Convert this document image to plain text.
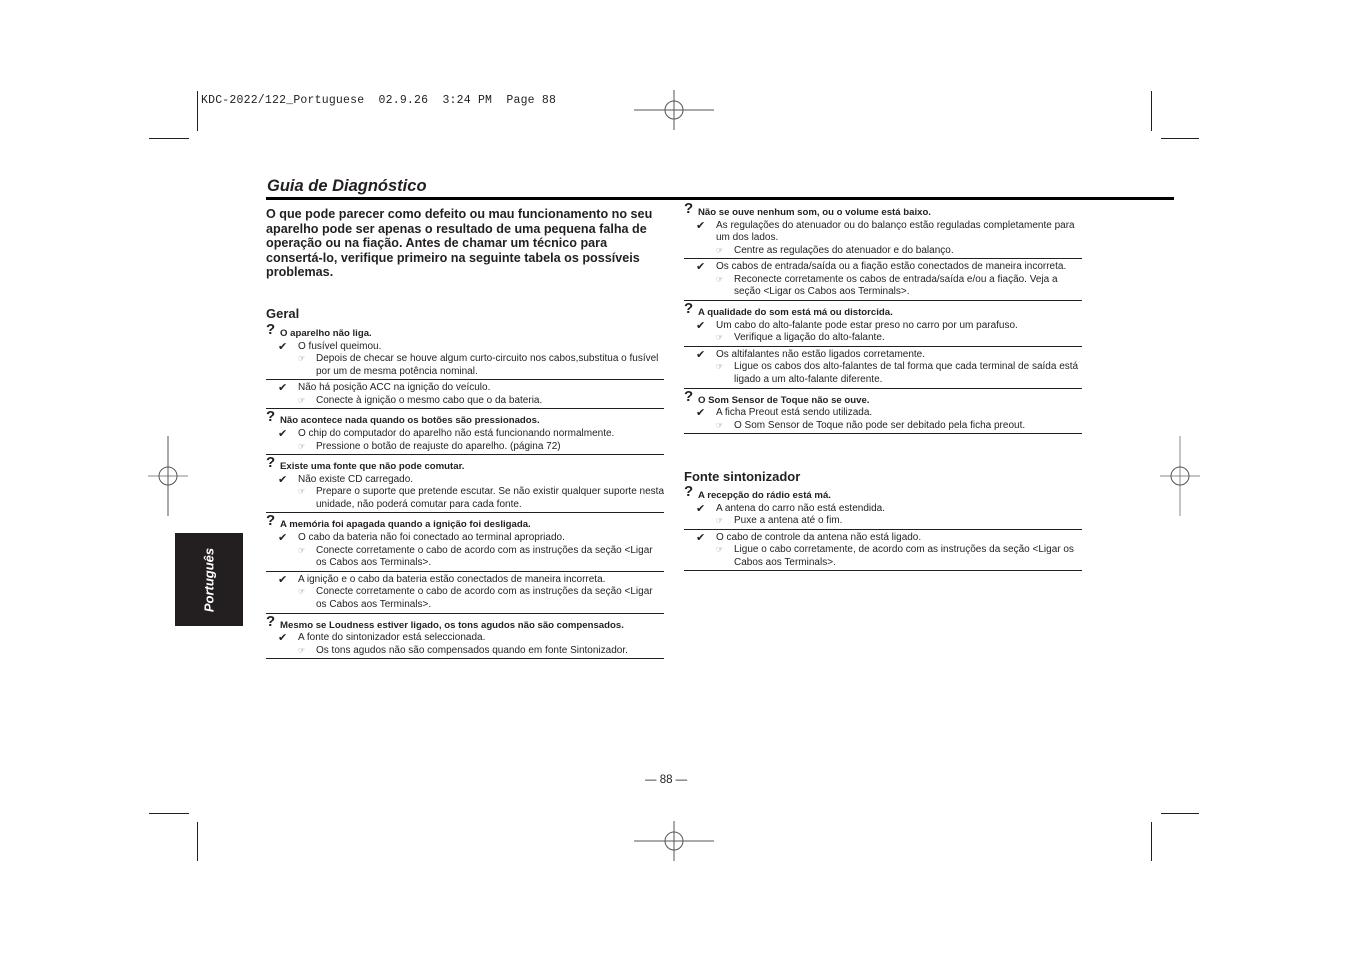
KDC-2022/122_Portuguese 02.9.26 3:24 PM Page 88
Guia de Diagnóstico
O que pode parecer como defeito ou mau funcionamento no seu aparelho pode ser apenas o resultado de uma pequena falha de operação ou na fiação. Antes de chamar um técnico para consertá-lo, verifique primeiro na seguinte tabela os possíveis problemas.
Português
Geral
? O aparelho não liga.
✔ O fusível queimou.
☞ Depois de checar se houve algum curto-circuito nos cabos,substitua o fusível por um de mesma potência nominal.
✔ Não há posição ACC na ignição do veículo.
☞ Conecte à ignição o mesmo cabo que o da bateria.
? Não acontece nada quando os botões são pressionados.
✔ O chip do computador do aparelho não está funcionando normalmente.
☞ Pressione o botão de reajuste do aparelho. (página 72)
? Existe uma fonte que não pode comutar.
✔ Não existe CD carregado.
☞ Prepare o suporte que pretende escutar. Se não existir qualquer suporte nesta unidade, não poderá comutar para cada fonte.
? A memória foi apagada quando a ignição foi desligada.
✔ O cabo da bateria não foi conectado ao terminal apropriado.
☞ Conecte corretamente o cabo de acordo com as instruções da seção <Ligar os Cabos aos Terminals>.
✔ A ignição e o cabo da bateria estão conectados de maneira incorreta.
☞ Conecte corretamente o cabo de acordo com as instruções da seção <Ligar os Cabos aos Terminals>.
? Mesmo se Loudness estiver ligado, os tons agudos não são compensados.
✔ A fonte do sintonizador está seleccionada.
☞ Os tons agudos não são compensados quando em fonte Sintonizador.
? Não se ouve nenhum som, ou o volume está baixo.
✔ As regulações do atenuador ou do balanço estão reguladas completamente para um dos lados.
☞ Centre as regulações do atenuador e do balanço.
✔ Os cabos de entrada/saída ou a fiação estão conectados de maneira incorreta.
☞ Reconecte corretamente os cabos de entrada/saída e/ou a fiação. Veja a seção <Ligar os Cabos aos Terminals>.
? A qualidade do som está má ou distorcida.
✔ Um cabo do alto-falante pode estar preso no carro por um parafuso.
☞ Verifique a ligação do alto-falante.
✔ Os altifalantes não estão ligados corretamente.
☞ Ligue os cabos dos alto-falantes de tal forma que cada terminal de saída está ligado a um alto-falante diferente.
? O Som Sensor de Toque não se ouve.
✔ A ficha Preout está sendo utilizada.
☞ O Som Sensor de Toque não pode ser debitado pela ficha preout.
Fonte sintonizador
? A recepção do rádio está má.
✔ A antena do carro não está estendida.
☞ Puxe a antena até o fim.
✔ O cabo de controle da antena não está ligado.
☞ Ligue o cabo corretamente, de acordo com as instruções da seção <Ligar os Cabos aos Terminals>.
— 88 —
